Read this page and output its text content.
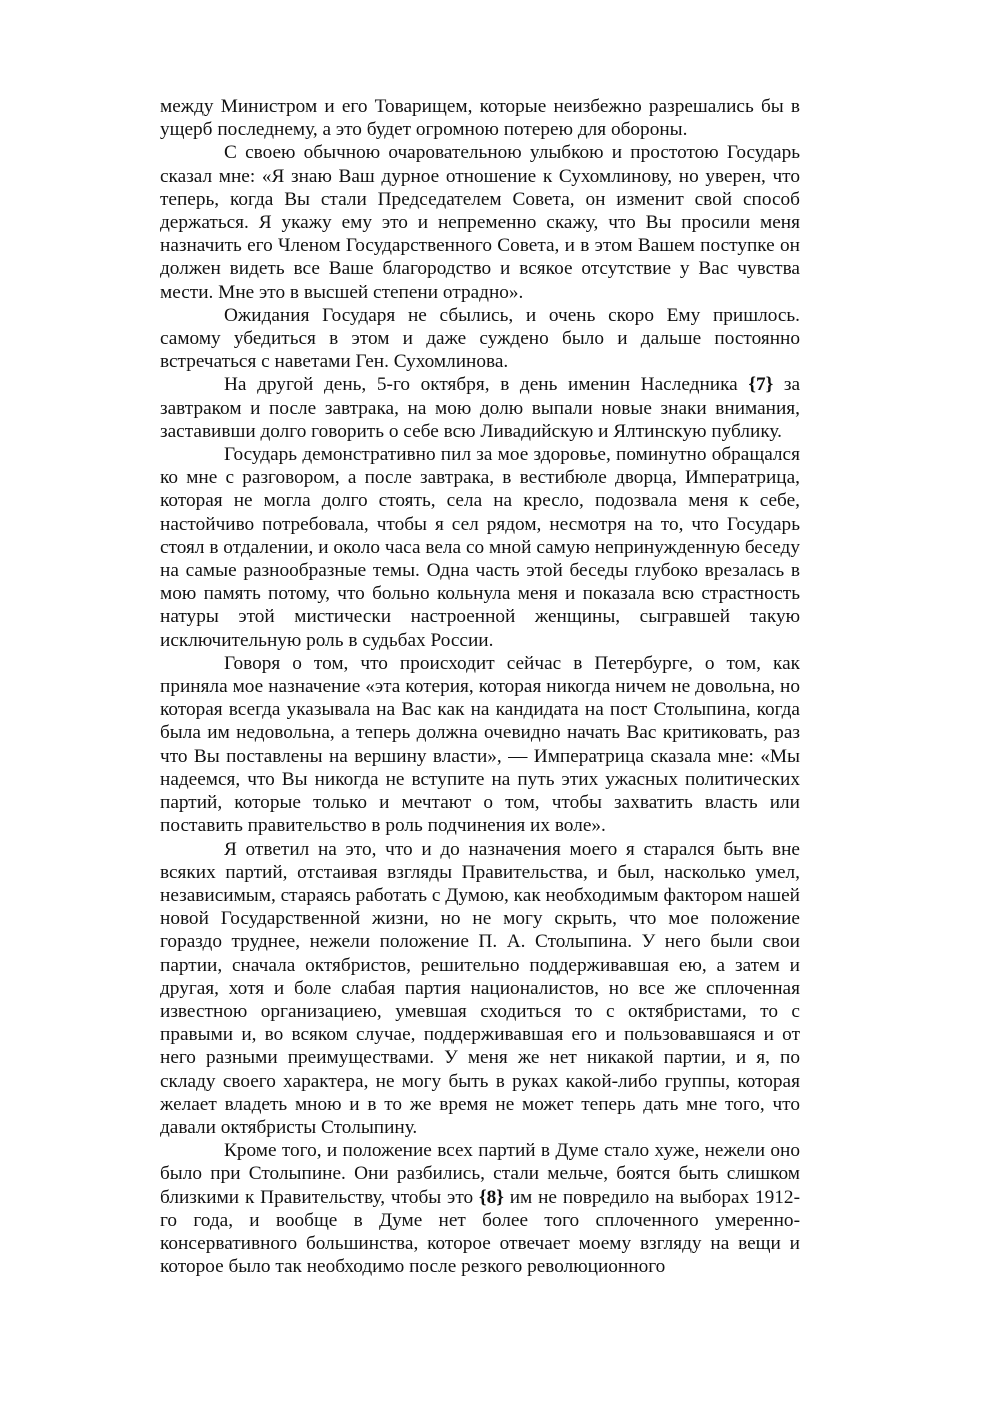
между Министром и его Товарищем, которые неизбежно разрешались бы в ущерб последнему, а это будет огромною потерею для обороны.

С своею обычною очаровательною улыбкою и простотою Государь сказал мне: «Я знаю Ваш дурное отношение к Сухомлинову, но уверен, что теперь, когда Вы стали Председателем Совета, он изменит свой способ держаться. Я укажу ему это и непременно скажу, что Вы просили меня назначить его Членом Государственного Совета, и в этом Вашем поступке он должен видеть все Ваше благородство и всякое отсутствие у Вас чувства мести. Мне это в высшей степени отрадно».

Ожидания Государя не сбылись, и очень скоро Ему пришлось. самому убедиться в этом и даже суждено было и дальше постоянно встречаться с наветами Ген. Сухомлинова.

На другой день, 5-го октября, в день именин Наследника {7} за завтраком и после завтрака, на мою долю выпали новые знаки внимания, заставивши долго говорить о себе всю Ливадийскую и Ялтинскую публику.

Государь демонстративно пил за мое здоровье, поминутно обращался ко мне с разговором, а после завтрака, в вестибюле дворца, Императрица, которая не могла долго стоять, села на кресло, подозвала меня к себе, настойчиво потребовала, чтобы я сел рядом, несмотря на то, что Государь стоял в отдалении, и около часа вела со мной самую непринужденную беседу на самые разнообразные темы. Одна часть этой беседы глубоко врезалась в мою память потому, что больно кольнула меня и показала всю страстность натуры этой мистически настроенной женщины, сыгравшей такую исключительную роль в судьбах России.

Говоря о том, что происходит сейчас в Петербурге, о том, как приняла мое назначение «эта котерия, которая никогда ничем не довольна, но которая всегда указывала на Вас как на кандидата на пост Столыпина, когда была им недовольна, а теперь должна очевидно начать Вас критиковать, раз что Вы поставлены на вершину власти», — Императрица сказала мне: «Мы надеемся, что Вы никогда не вступите на путь этих ужасных политических партий, которые только и мечтают о том, чтобы захватить власть или поставить правительство в роль подчинения их воле».

Я ответил на это, что и до назначения моего я старался быть вне всяких партий, отстаивая взгляды Правительства, и был, насколько умел, независимым, стараясь работать с Думою, как необходимым фактором нашей новой Государственной жизни, но не могу скрыть, что мое положение гораздо труднее, нежели положение П. А. Столыпина. У него были свои партии, сначала октябристов, решительно поддерживавшая ею, а затем и другая, хотя и боле слабая партия националистов, но все же сплоченная известною организациею, умевшая сходиться то с октябристами, то с правыми и, во всяком случае, поддерживавшая его и пользовавшаяся и от него разными преимуществами. У меня же нет никакой партии, и я, по складу своего характера, не могу быть в руках какой-либо группы, которая желает владеть мною и в то же время не может теперь дать мне того, что давали октябристы Столыпину.

Кроме того, и положение всех партий в Думе стало хуже, нежели оно было при Столыпине. Они разбились, стали мельче, боятся быть слишком близкими к Правительству, чтобы это {8} им не повредило на выборах 1912-го года, и вообще в Думе нет более того сплоченного умеренно-консервативного большинства, которое отвечает моему взгляду на вещи и которое было так необходимо после резкого революционного
